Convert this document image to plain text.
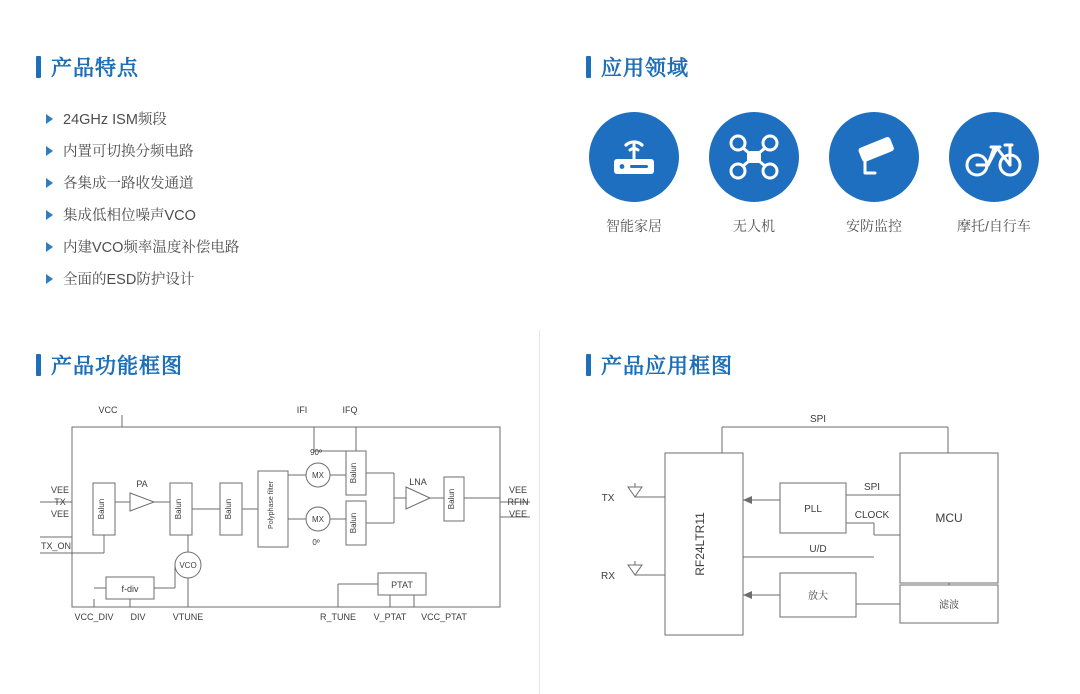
产品特点
24GHz ISM频段
内置可切换分频电路
各集成一路收发通道
集成低相位噪声VCO
内建VCO频率温度补偿电路
全面的ESD防护设计
应用领域
智能家居	无人机	安防监控	摩托/自行车
产品功能框图	产品应用框图
VCC	IFI	IFQ
VEE
TX
VEE
TX_ON
VEE
RFIN
VEE
VCC_DIV DIV	VTUNE	R_TUNE V_PTAT VCC_PTAT
PA	LNA
MX
MX
VCO
f-div	PTAT
90º
0º
Balun	Balun	Balun
Balun
Balun
Balun
Polyphase filter
SPI
SPI
CLOCK
U/D
TX
RX
RF24LTR11
PLL
MCU
放大
滤波
